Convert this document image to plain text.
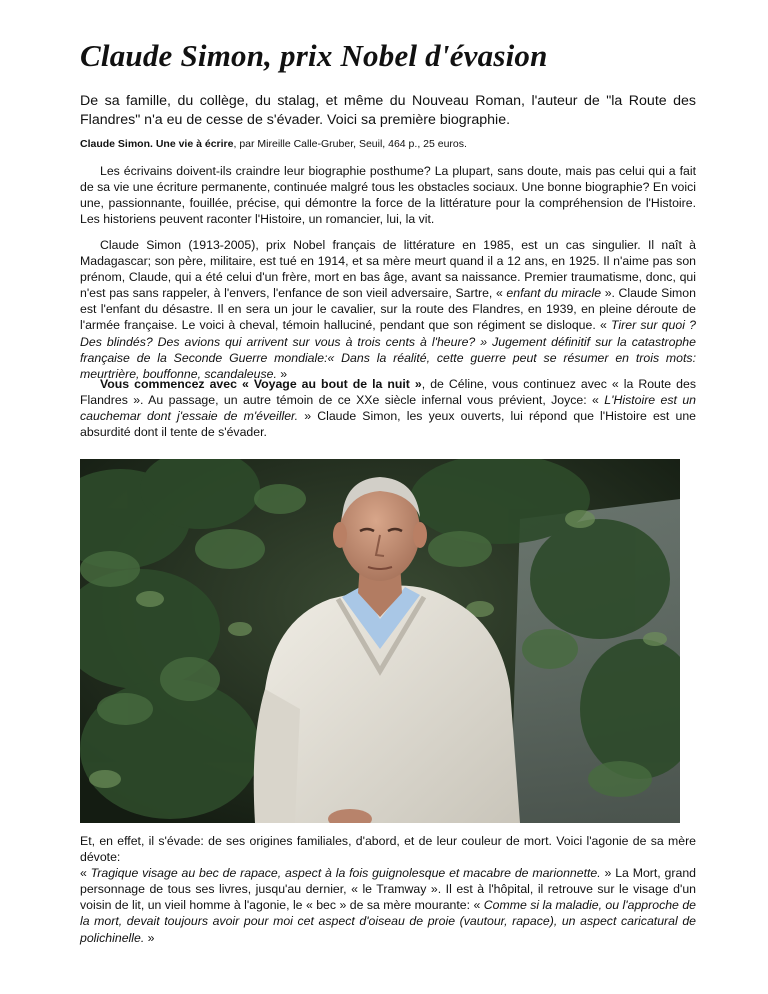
Claude Simon, prix Nobel d'évasion

De sa famille, du collège, du stalag, et même du Nouveau Roman, l'auteur de "la Route des Flandres" n'a eu de cesse de s'évader. Voici sa première biographie.

Claude Simon. Une vie à écrire, par Mireille Calle-Gruber, Seuil, 464 p., 25 euros.

Les écrivains doivent-ils craindre leur biographie posthume? La plupart, sans doute, mais pas celui qui a fait de sa vie une écriture permanente, continuée malgré tous les obstacles sociaux. Une bonne biographie? En voici une, passionnante, fouillée, précise, qui démontre la force de la littérature pour la compréhension de l'Histoire. Les historiens peuvent raconter l'Histoire, un romancier, lui, la vit.

Claude Simon (1913-2005), prix Nobel français de littérature en 1985, est un cas singulier. Il naît à Madagascar; son père, militaire, est tué en 1914, et sa mère meurt quand il a 12 ans, en 1925. Il n'aime pas son prénom, Claude, qui a été celui d'un frère, mort en bas âge, avant sa naissance. Premier traumatisme, donc, qui n'est pas sans rappeler, à l'envers, l'enfance de son vieil adversaire, Sartre, « enfant du miracle ». Claude Simon est l'enfant du désastre. Il en sera un jour le cavalier, sur la route des Flandres, en 1939, en pleine déroute de l'armée française. Le voici à cheval, témoin halluciné, pendant que son régiment se disloque. « Tirer sur quoi ? Des blindés? Des avions qui arrivent sur vous à trois cents à l'heure? » Jugement définitif sur la catastrophe française de la Seconde Guerre mondiale:« Dans la réalité, cette guerre peut se résumer en trois mots: meurtrière, bouffonne, scandaleuse. »

Vous commencez avec « Voyage au bout de la nuit », de Céline, vous continuez avec « la Route des Flandres ». Au passage, un autre témoin de ce XXe siècle infernal vous prévient, Joyce: « L'Histoire est un cauchemar dont j'essaie de m'éveiller. » Claude Simon, les yeux ouverts, lui répond que l'Histoire est une absurdité dont il tente de s'évader.

Et, en effet, il s'évade: de ses origines familiales, d'abord, et de leur couleur de mort. Voici l'agonie de sa mère dévote:
« Tragique visage au bec de rapace, aspect à la fois guignolesque et macabre de marionnette. » La Mort, grand personnage de tous ses livres, jusqu'au dernier, « le Tramway ». Il est à l'hôpital, il retrouve sur le visage d'un voisin de lit, un vieil homme à l'agonie, le « bec » de sa mère mourante: « Comme si la maladie, ou l'approche de la mort, devait toujours avoir pour moi cet aspect d'oiseau de proie (vautour, rapace), un aspect caricatural de polichinelle. »
